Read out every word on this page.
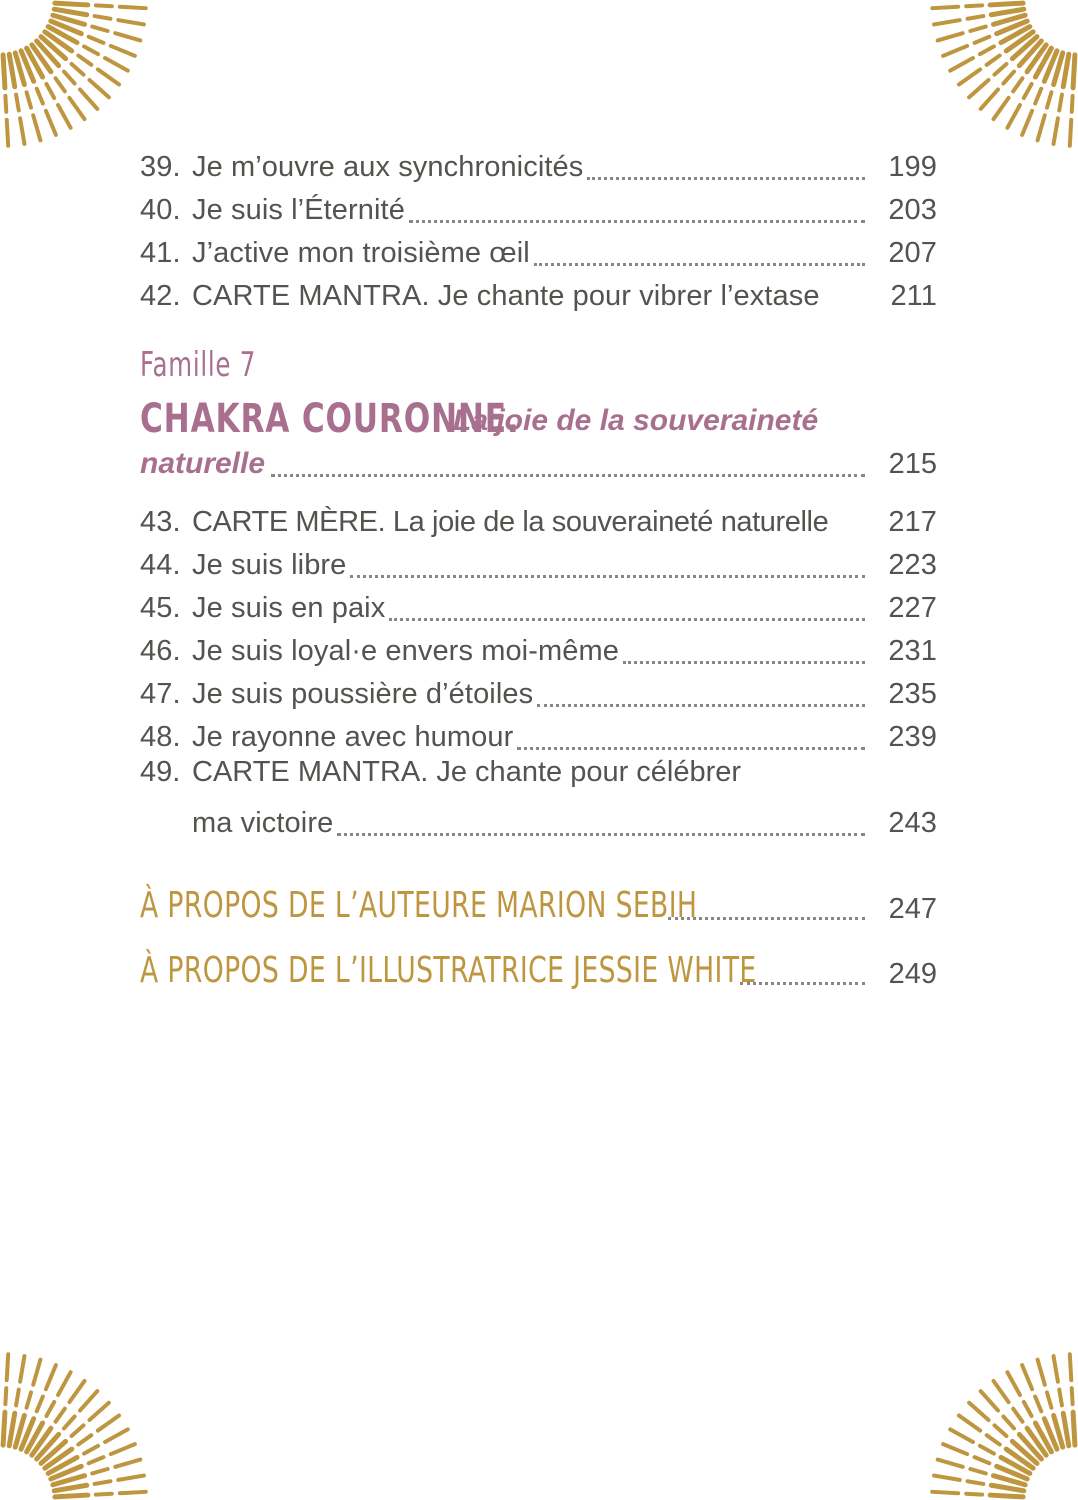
39. Je m’ouvre aux synchronicités	199
40. Je suis l’Éternité	203
41. J’active mon troisième œil	207
42. CARTE MANTRA. Je chante pour vibrer l’extase	211
Famille 7
CHAKRA COURONNE.
La joie de la souveraineté
naturelle	215
43. CARTE MÈRE. La joie de la souveraineté naturelle	217
44. Je suis libre	223
45. Je suis en paix	227
46. Je suis loyal·e envers moi-même	231
47. Je suis poussière d’étoiles	235
48. Je rayonne avec humour	239
49. CARTE MANTRA. Je chante pour célébrer
ma victoire	243
À PROPOS DE L’AUTEURE MARION SEBIH	247
À PROPOS DE L’ILLUSTRATRICE JESSIE WHITE	249
